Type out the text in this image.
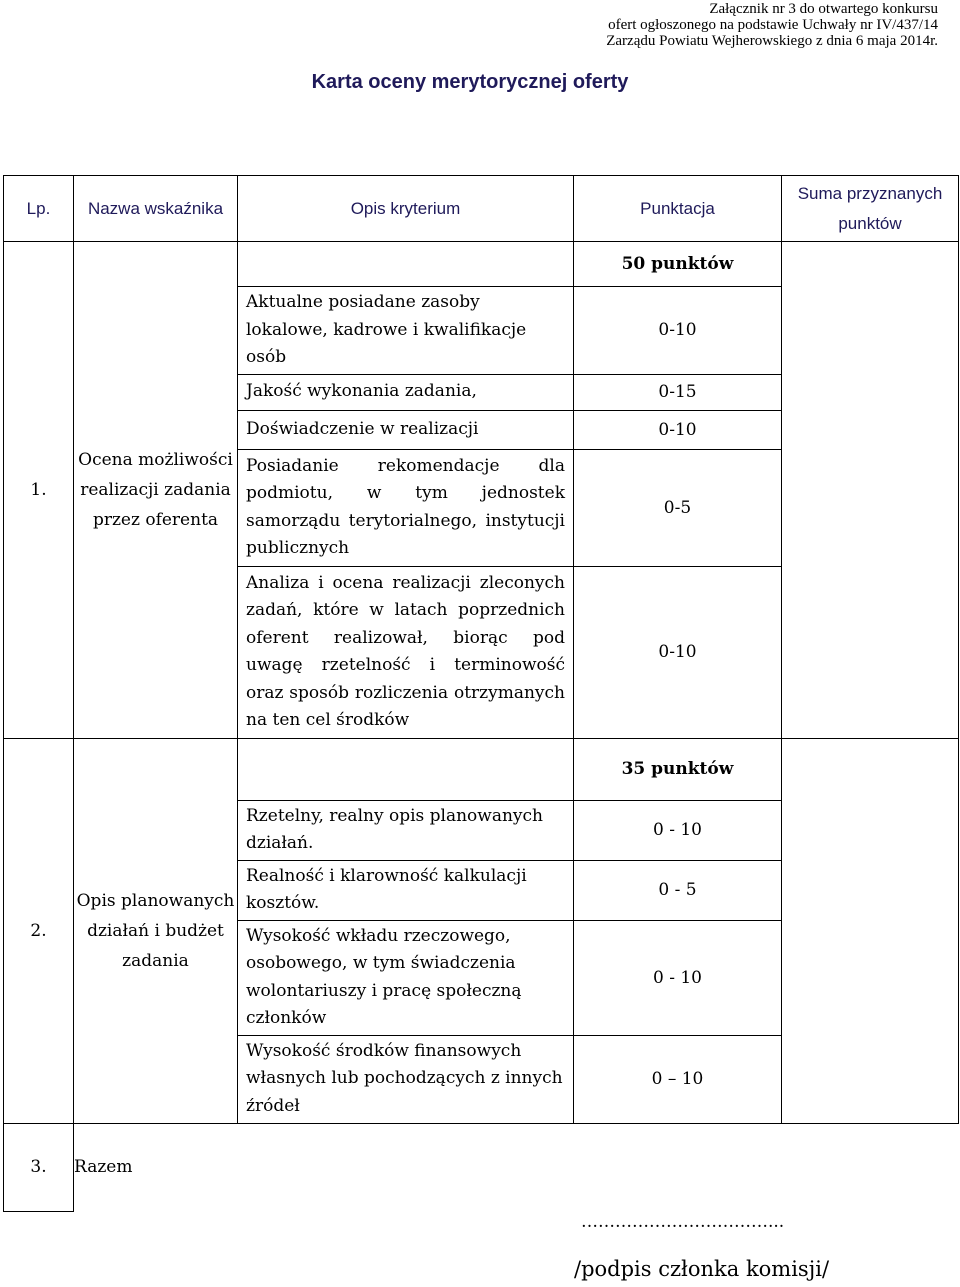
Załącznik nr 3 do otwartego konkursu
ofert ogłoszonego na podstawie Uchwały nr IV/437/14
Zarządu Powiatu Wejherowskiego z dnia 6 maja 2014r.
Karta oceny merytorycznej oferty
Lp.	Nazwa wskaźnika	Opis kryterium	Punktacja	Suma przyznanych punktów
1.	Ocena możliwości realizacji zadania przez oferenta		50 punktów	
		Aktualne posiadane zasoby lokalowe, kadrowe i kwalifikacje osób	0-10	
		Jakość wykonania zadania,	0-15	
		Doświadczenie w realizacji	0-10	
		Posiadanie rekomendacje dla podmiotu, w tym jednostek samorządu terytorialnego, instytucji publicznych	0-5	
		Analiza i ocena realizacji zleconych zadań, które w latach poprzednich oferent realizował, biorąc pod uwagę rzetelność i terminowość oraz sposób rozliczenia otrzymanych na ten cel środków	0-10	
2.	Opis planowanych działań i budżet zadania		35 punktów	
		Rzetelny, realny opis planowanych działań.	0 - 10	
		Realność i klarowność kalkulacji kosztów.	0 - 5	
		Wysokość wkładu rzeczowego, osobowego, w tym świadczenia wolontariuszy i pracę społeczną członków	0 - 10	
		Wysokość środków finansowych własnych lub pochodzących z innych źródeł	0 – 10	
3.	Razem			
……………………………...
/podpis członka komisji/
